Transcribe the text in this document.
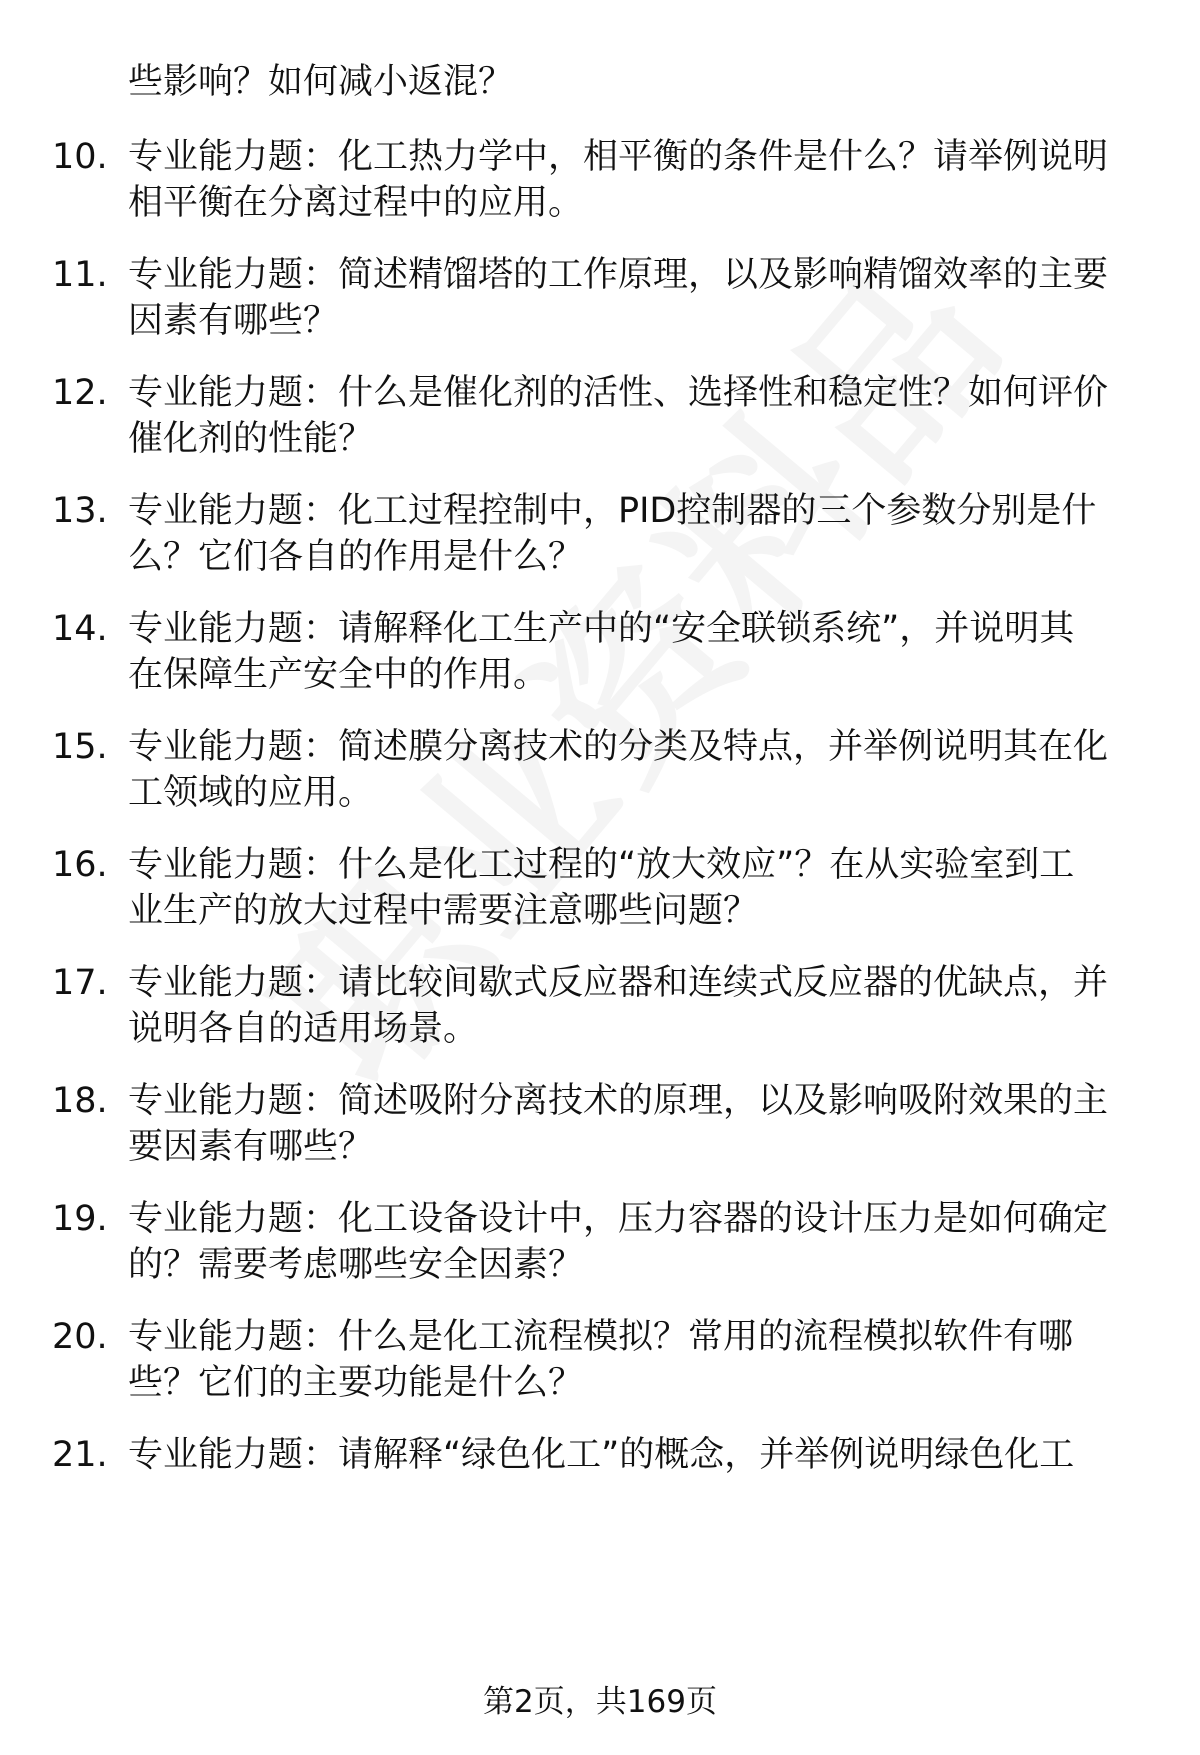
些影响？如何减小返混？
10. 专业能力题：化工热力学中，相平衡的条件是什么？请举例说明
相平衡在分离过程中的应用。
11. 专业能力题：简述精馏塔的工作原理，以及影响精馏效率的主要
因素有哪些？
12. 专业能力题：什么是催化剂的活性、选择性和稳定性？如何评价
催化剂的性能？
13. 专业能力题：化工过程控制中，PID控制器的三个参数分别是什
么？它们各自的作用是什么？
14. 专业能力题：请解释化工生产中的“安全联锁系统”，并说明其
在保障生产安全中的作用。
15. 专业能力题：简述膜分离技术的分类及特点，并举例说明其在化
工领域的应用。
16. 专业能力题：什么是化工过程的“放大效应”？在从实验室到工
业生产的放大过程中需要注意哪些问题？
17. 专业能力题：请比较间歇式反应器和连续式反应器的优缺点，并
说明各自的适用场景。
18. 专业能力题：简述吸附分离技术的原理，以及影响吸附效果的主
要因素有哪些？
19. 专业能力题：化工设备设计中，压力容器的设计压力是如何确定
的？需要考虑哪些安全因素？
20. 专业能力题：什么是化工流程模拟？常用的流程模拟软件有哪
些？它们的主要功能是什么？
21. 专业能力题：请解释“绿色化工”的概念，并举例说明绿色化工
第2页，共169页
